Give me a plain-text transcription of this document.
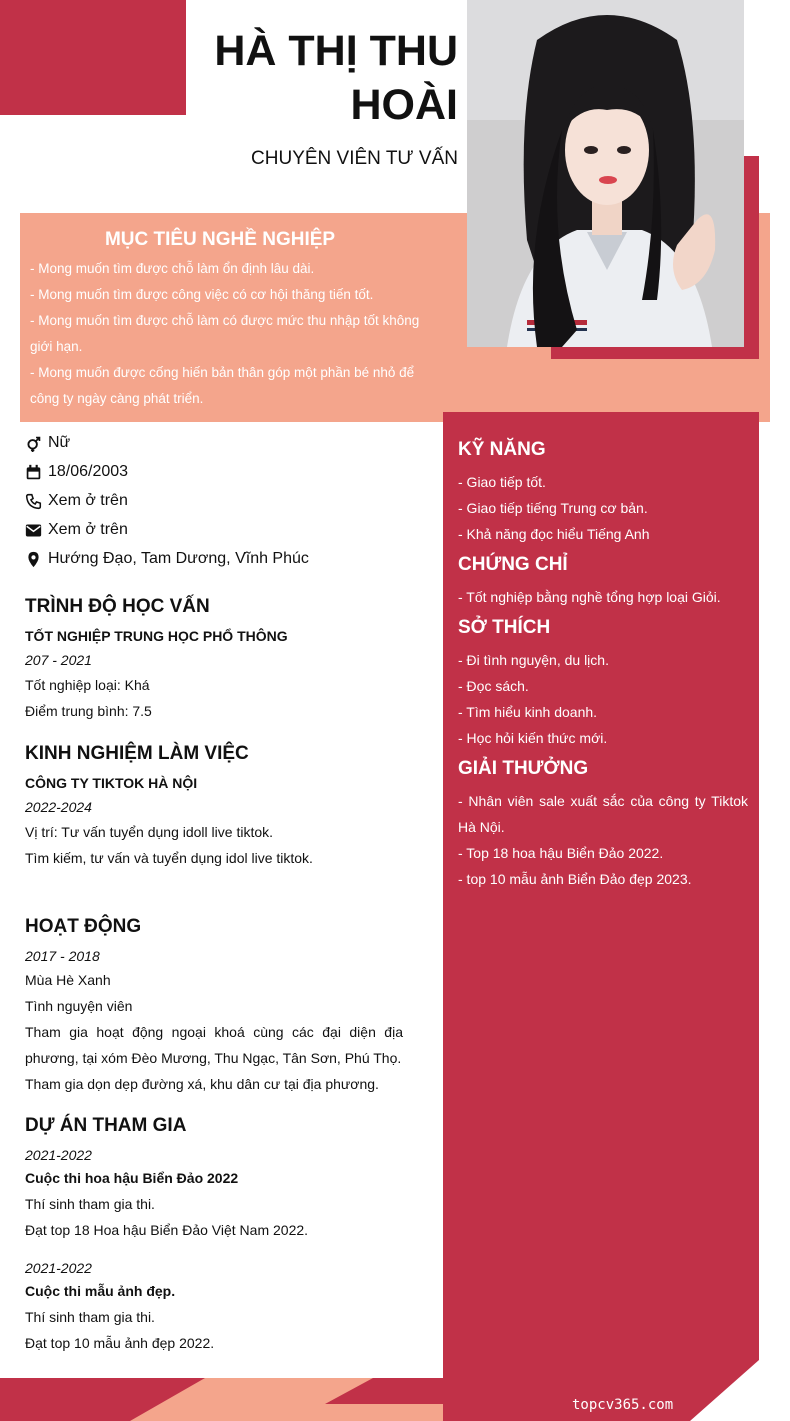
HÀ THỊ THU HOÀI
CHUYÊN VIÊN TƯ VẤN
MỤC TIÊU NGHỀ NGHIỆP
- Mong muốn tìm được chỗ làm ổn định lâu dài.
- Mong muốn tìm được công việc có cơ hội thăng tiến tốt.
- Mong muốn tìm được chỗ làm có được mức thu nhập tốt không giới hạn.
- Mong muốn được cống hiến bản thân góp một phần bé nhỏ để công ty ngày càng phát triển.
Nữ
18/06/2003
Xem ở trên
Xem ở trên
Hướng Đạo, Tam Dương, Vĩnh Phúc
TRÌNH ĐỘ HỌC VẤN
TỐT NGHIỆP TRUNG HỌC PHỔ THÔNG
207 - 2021
Tốt nghiệp loại: Khá
Điểm trung bình: 7.5
KINH NGHIỆM LÀM VIỆC
CÔNG TY TIKTOK HÀ NỘI
2022-2024
Vị trí: Tư vấn tuyển dụng idoll live tiktok.
Tìm kiếm, tư vấn và tuyển dụng idol live tiktok.
HOẠT ĐỘNG
2017 - 2018
Mùa Hè Xanh
Tình nguyện viên
Tham gia hoạt động ngoại khoá cùng các đại diện địa phương, tại xóm Đèo Mương, Thu Ngạc, Tân Sơn, Phú Thọ.
Tham gia dọn dẹp đường xá, khu dân cư tại địa phương.
DỰ ÁN THAM GIA
2021-2022
Cuộc thi hoa hậu Biển Đảo 2022
Thí sinh tham gia thi.
Đạt top 18 Hoa hậu Biển Đảo Việt Nam 2022.
2021-2022
Cuộc thi mẫu ảnh đẹp.
Thí sinh tham gia thi.
Đạt top 10 mẫu ảnh đẹp 2022.
KỸ NĂNG
- Giao tiếp tốt.
- Giao tiếp tiếng Trung cơ bản.
- Khả năng đọc hiểu Tiếng Anh
CHỨNG CHỈ
- Tốt nghiệp bằng nghề tổng hợp loại Giỏi.
SỞ THÍCH
- Đi tình nguyện, du lịch.
- Đọc sách.
- Tìm hiểu kinh doanh.
- Học hỏi kiến thức mới.
GIẢI THƯỞNG
- Nhân viên sale xuất sắc của công ty Tiktok Hà Nội.
- Top 18 hoa hậu Biển Đảo 2022.
- top 10 mẫu ảnh Biển Đảo đẹp 2023.
topcv365.com
